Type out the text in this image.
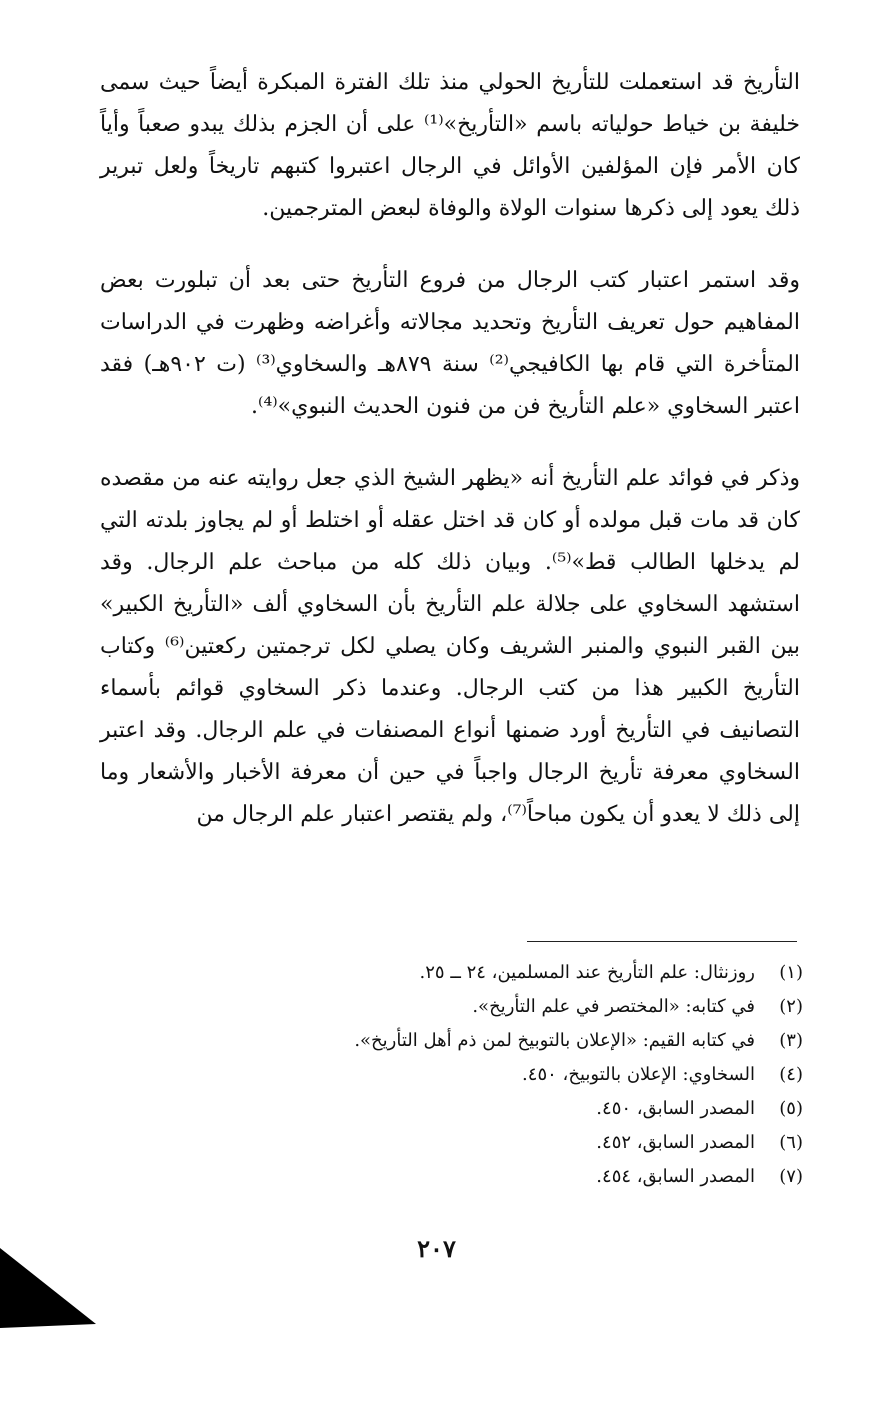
التأريخ قد استعملت للتأريخ الحولي منذ تلك الفترة المبكرة أيضاً حيث سمى خليفة بن خياط حولياته باسم «التأريخ»⁽¹⁾ على أن الجزم بذلك يبدو صعباً وأياً كان الأمر فإن المؤلفين الأوائل في الرجال اعتبروا كتبهم تاريخاً ولعل تبرير ذلك يعود إلى ذكرها سنوات الولاة والوفاة لبعض المترجمين.

وقد استمر اعتبار كتب الرجال من فروع التأريخ حتى بعد أن تبلورت بعض المفاهيم حول تعريف التأريخ وتحديد مجالاته وأغراضه وظهرت في الدراسات المتأخرة التي قام بها الكافيجي⁽²⁾ سنة ٨٧٩هـ والسخاوي⁽³⁾ (ت ٩٠٢هـ) فقد اعتبر السخاوي «علم التأريخ فن من فنون الحديث النبوي»⁽⁴⁾.

وذكر في فوائد علم التأريخ أنه «يظهر الشيخ الذي جعل روايته عنه من مقصده كان قد مات قبل مولده أو كان قد اختل عقله أو اختلط أو لم يجاوز بلدته التي لم يدخلها الطالب قط»⁽⁵⁾. وبيان ذلك كله من مباحث علم الرجال. وقد استشهد السخاوي على جلالة علم التأريخ بأن السخاوي ألف «التأريخ الكبير» بين القبر النبوي والمنبر الشريف وكان يصلي لكل ترجمتين ركعتين⁽⁶⁾ وكتاب التأريخ الكبير هذا من كتب الرجال. وعندما ذكر السخاوي قوائم بأسماء التصانيف في التأريخ أورد ضمنها أنواع المصنفات في علم الرجال. وقد اعتبر السخاوي معرفة تأريخ الرجال واجباً في حين أن معرفة الأخبار والأشعار وما إلى ذلك لا يعدو أن يكون مباحاً⁽⁷⁾، ولم يقتصر اعتبار علم الرجال من

(١)
روزنثال: علم التأريخ عند المسلمين، ٢٤ ــ ٢٥.
(٢)
في كتابه: «المختصر في علم التأريخ».
(٣)
في كتابه القيم: «الإعلان بالتوبيخ لمن ذم أهل التأريخ».
(٤)
السخاوي: الإعلان بالتوبيخ، ٤٥٠.
(٥)
المصدر السابق، ٤٥٠.
(٦)
المصدر السابق، ٤٥٢.
(٧)
المصدر السابق، ٤٥٤.
٢٠٧
